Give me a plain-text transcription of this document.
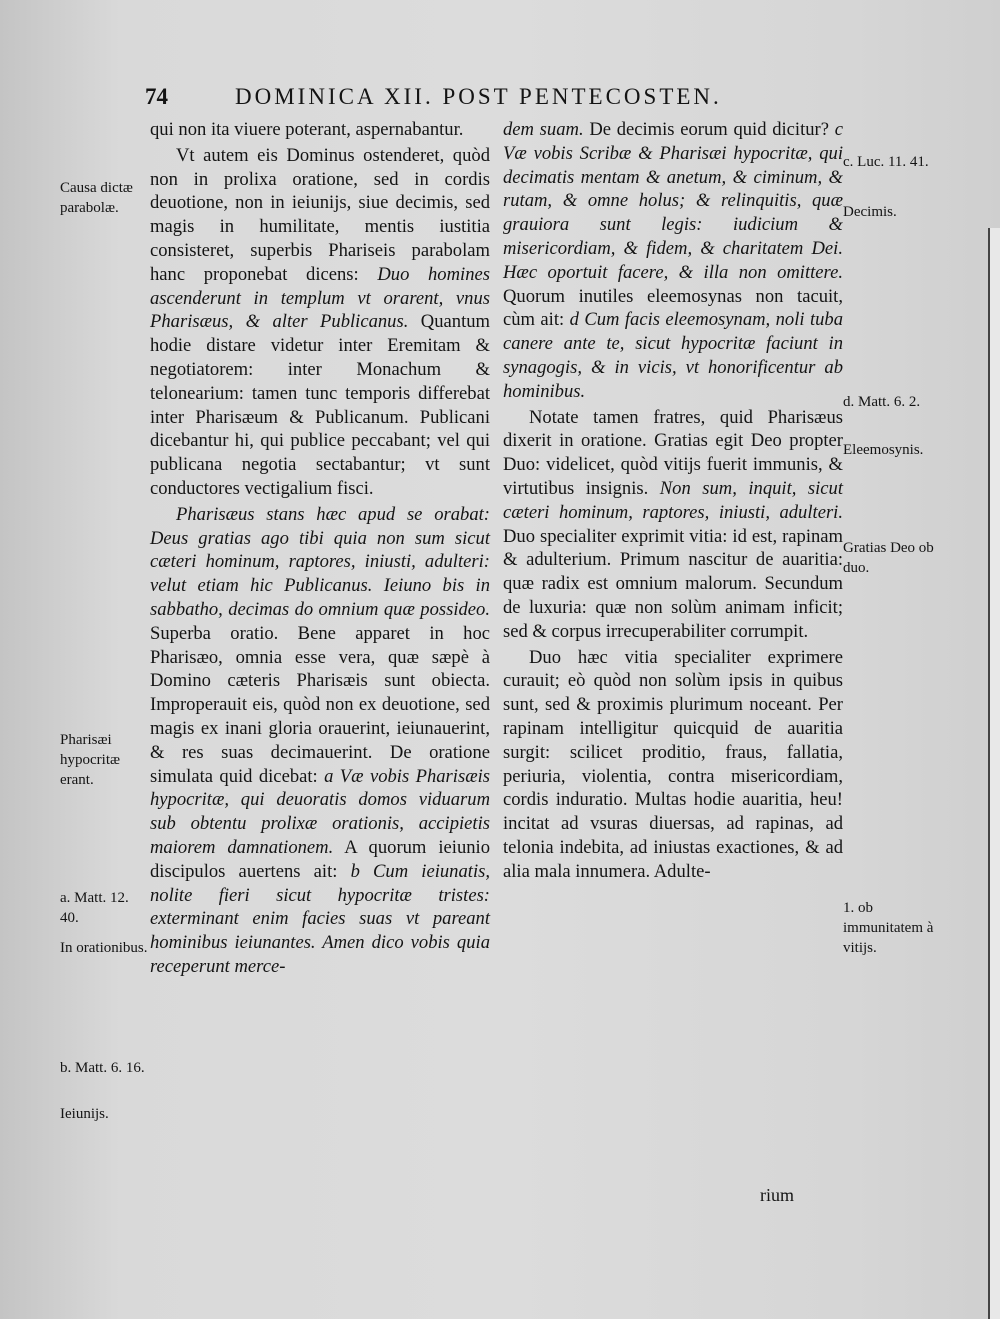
74	DOMINICA XII. POST PENTECOSTEN.

qui non ita viuere poterant, aspernabantur.

Vt autem eis Dominus ostenderet, quòd non in prolixa oratione, sed in cordis deuotione, non in ieiunijs, siue decimis, sed magis in humilitate, mentis iustitia consisteret, superbis Phariseis parabolam hanc proponebat dicens: Duo homines ascenderunt in templum vt orarent, vnus Pharisæus, & alter Publicanus. Quantum hodie distare videtur inter Eremitam & negotiatorem: inter Monachum & telonearium: tamen tunc temporis differebat inter Pharisæum & Publicanum. Publicani dicebantur hi, qui publice peccabant; vel qui publicana negotia sectabantur; vt sunt conductores vectigalium fisci.

Pharisæus stans hæc apud se orabat: Deus gratias ago tibi quia non sum sicut cæteri hominum, raptores, iniusti, adulteri: velut etiam hic Publicanus. Ieiuno bis in sabbatho, decimas do omnium quæ possideo. Superba oratio. Bene apparet in hoc Pharisæo, omnia esse vera, quæ sæpè à Domino cæteris Pharisæis sunt obiecta. Improperauit eis, quòd non ex deuotione, sed magis ex inani gloria orauerint, ieiunauerint, & res suas decimauerint. De oratione simulata quid dicebat: a Væ vobis Pharisæis hypocritæ, qui deuoratis domos viduarum sub obtentu prolixæ orationis, accipietis maiorem damnationem. A quorum ieiunio discipulos auertens ait: b Cum ieiunatis, nolite fieri sicut hypocritæ tristes: exterminant enim facies suas vt pareant hominibus ieiunantes. Amen dico vobis quia receperunt merce-

dem suam. De decimis eorum quid dicitur? c Væ vobis Scribæ & Pharisæi hypocritæ, qui decimatis mentam & anetum, & ciminum, & rutam, & omne holus; & relinquitis, quæ grauiora sunt legis: iudicium & misericordiam, & fidem, & charitatem Dei. Hæc oportuit facere, & illa non omittere. Quorum inutiles eleemosynas non tacuit, cùm ait: d Cum facis eleemosynam, noli tuba canere ante te, sicut hypocritæ faciunt in synagogis, & in vicis, vt honorificentur ab hominibus.

Notate tamen fratres, quid Pharisæus dixerit in oratione. Gratias egit Deo propter Duo: videlicet, quòd vitijs fuerit immunis, & virtutibus insignis. Non sum, inquit, sicut cæteri hominum, raptores, iniusti, adulteri. Duo specialiter exprimit vitia: id est, rapinam & adulterium. Primum nascitur de auaritia: quæ radix est omnium malorum. Secundum de luxuria: quæ non solùm animam inficit; sed & corpus irrecuperabiliter corrumpit.

Duo hæc vitia specialiter exprimere curauit; eò quòd non solùm ipsis in quibus sunt, sed & proximis plurimum noceant. Per rapinam intelligitur quicquid de auaritia surgit: scilicet proditio, fraus, fallatia, periuria, violentia, contra misericordiam, cordis induratio. Multas hodie auaritia, heu! incitat ad vsuras diuersas, ad rapinas, ad telonia indebita, ad iniustas exactiones, & ad alia mala innumera. Adulte-

rium
Causa dictæ parabolæ.
Pharisæi hypocritæ erant.
a. Matt. 12. 40.
In orationibus.
b. Matt. 6. 16.
Ieiunijs.
c. Luc. 11. 41.
Decimis.
d. Matt. 6. 2.
Eleemosynis.
Gratias Deo ob duo.
1. ob immunitatem à vitijs.
